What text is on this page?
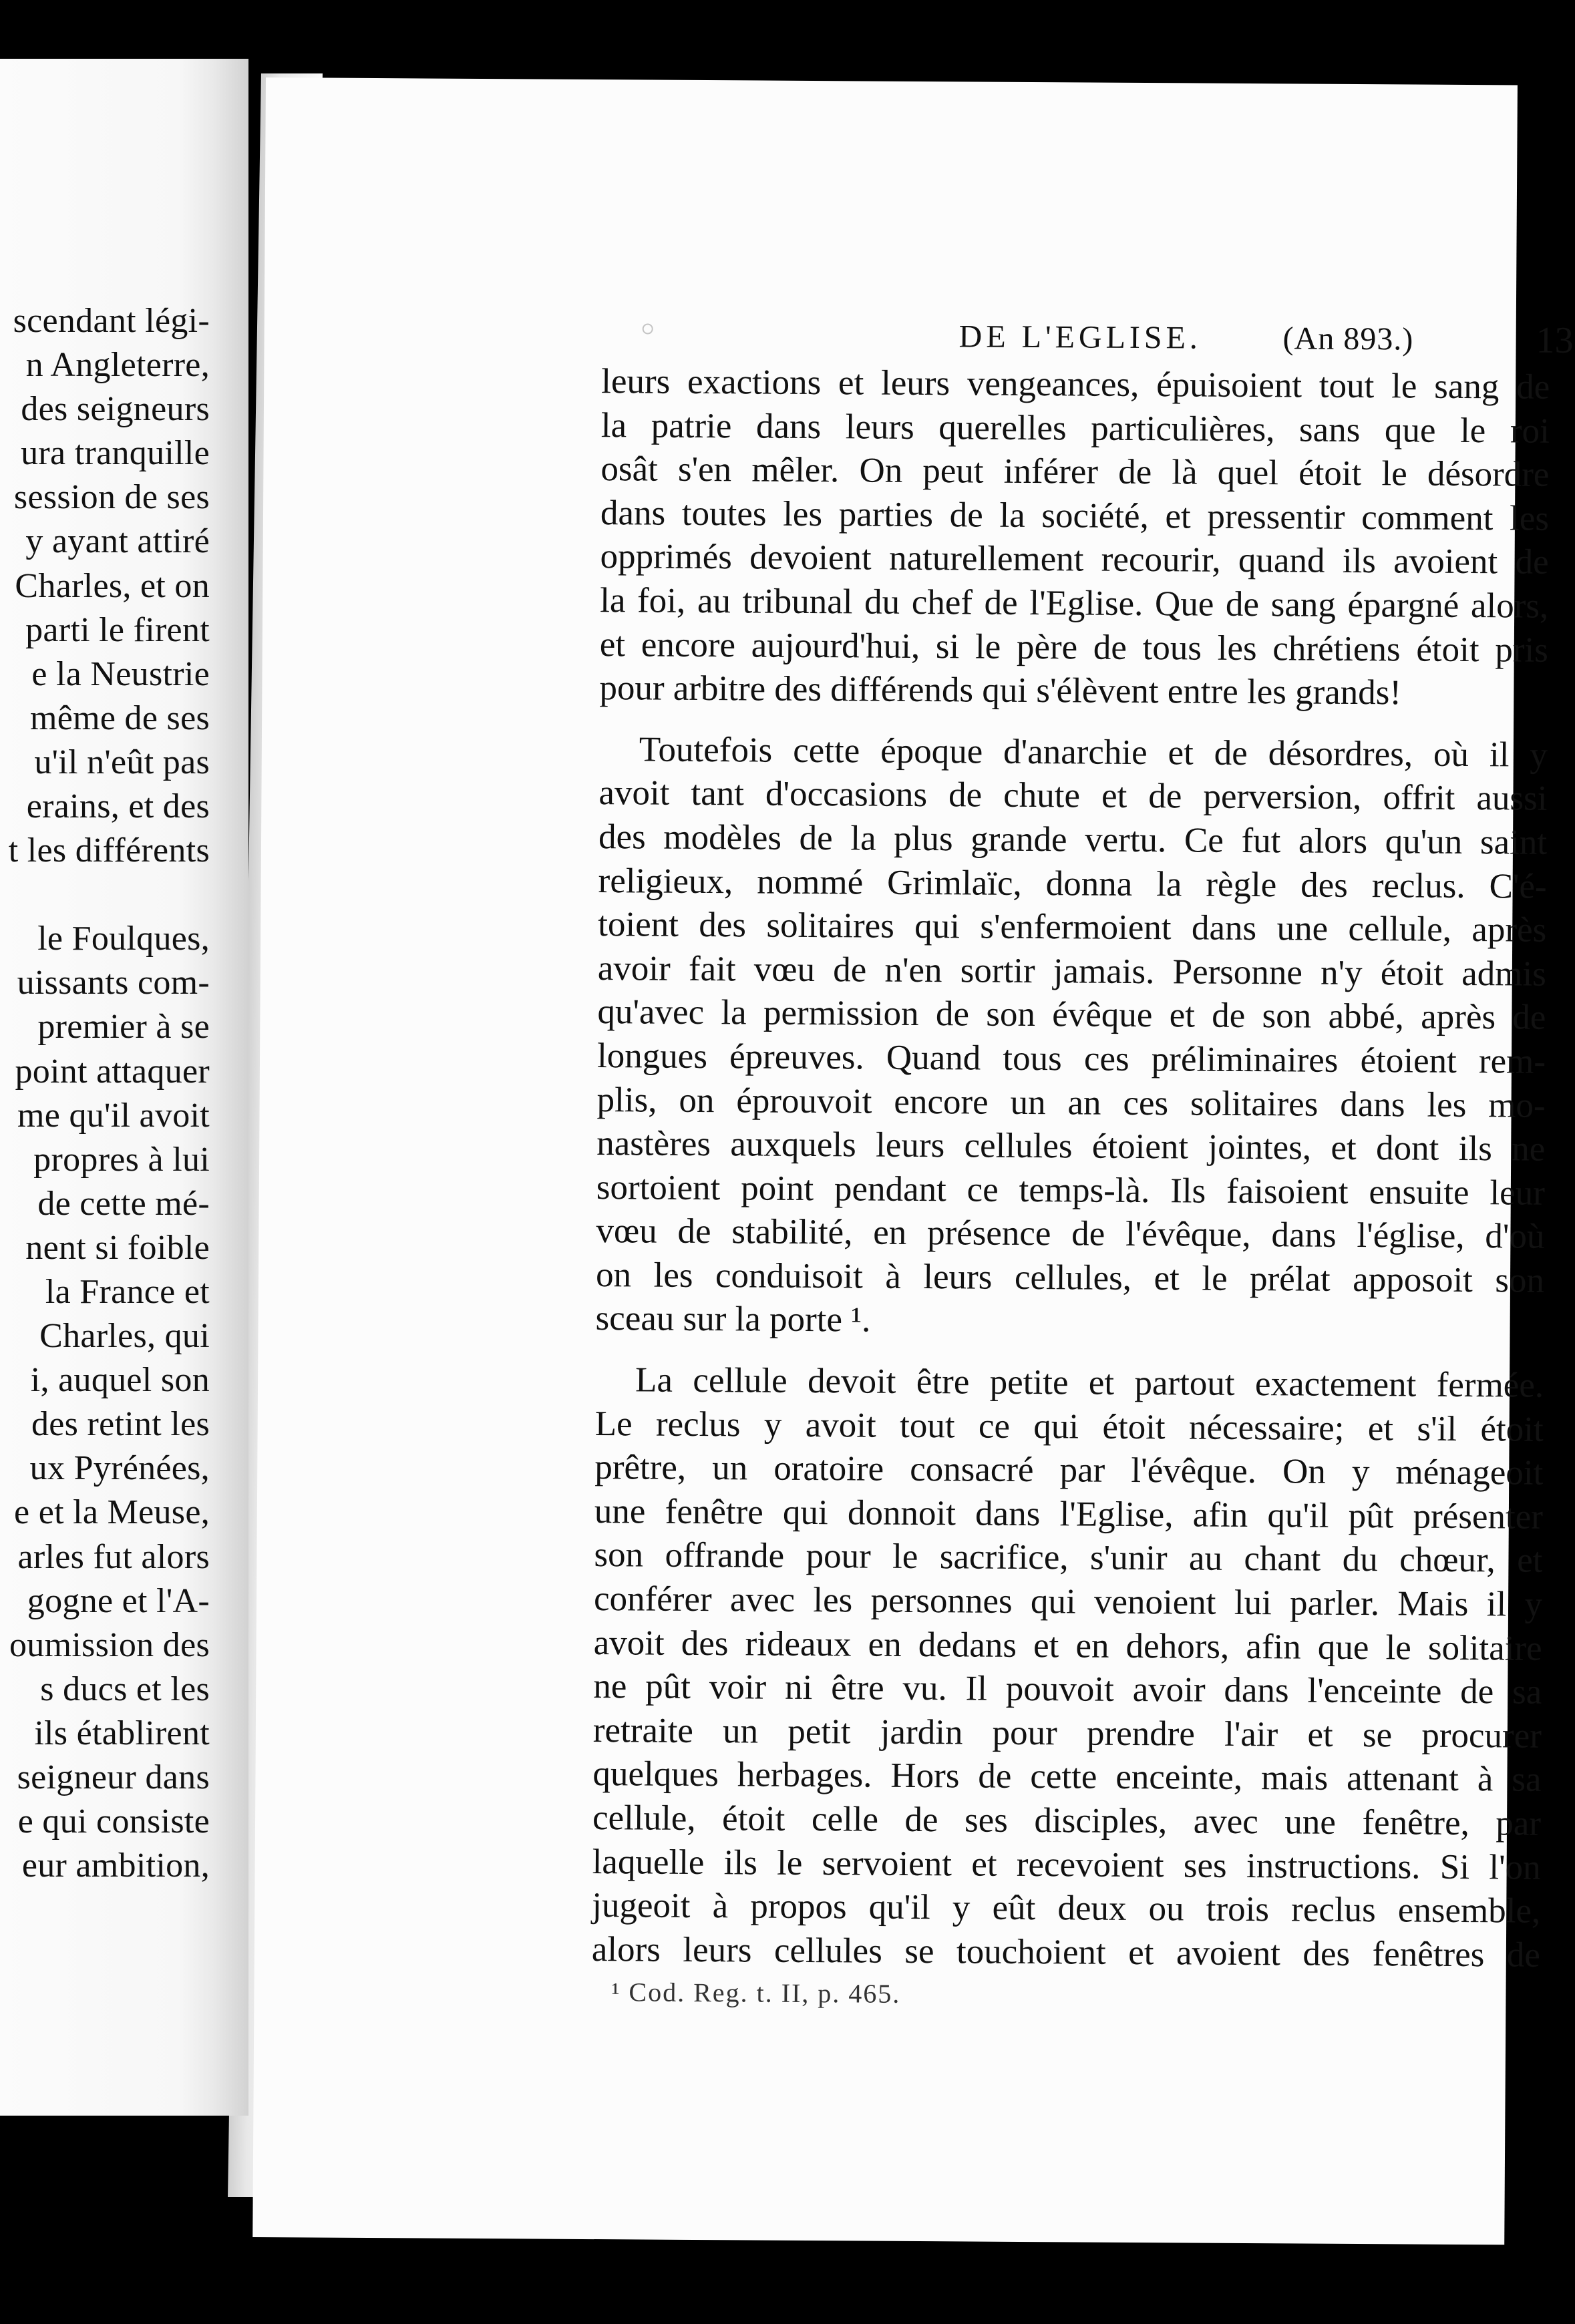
scendant légi-
n Angleterre,
des seigneurs
ura tranquille
session de ses
y ayant attiré
Charles, et on
parti le firent
e la Neustrie
même de ses
u'il n'eût pas
erains, et des
t les différents
le Foulques,
uissants com-
premier à se
point attaquer
me qu'il avoit
propres à lui
de cette mé-
nent si foible
la France et
Charles, qui
i, auquel son
des retint les
ux Pyrénées,
e et la Meuse,
arles fut alors
gogne et l'A-
oumission des
s ducs et les
ils établirent
seigneur dans
e qui consiste
eur ambition,
DE L'EGLISE.	(An 893.)	13
leurs exactions et leurs vengeances, épuisoient tout le sang de
la patrie dans leurs querelles particulières, sans que le roi
osât s'en mêler. On peut inférer de là quel étoit le désordre
dans toutes les parties de la société, et pressentir comment les
opprimés devoient naturellement recourir, quand ils avoient de
la foi, au tribunal du chef de l'Eglise. Que de sang épargné alors,
et encore aujourd'hui, si le père de tous les chrétiens étoit pris
pour arbitre des différends qui s'élèvent entre les grands!
Toutefois cette époque d'anarchie et de désordres, où il y
avoit tant d'occasions de chute et de perversion, offrit aussi
des modèles de la plus grande vertu. Ce fut alors qu'un saint
religieux, nommé Grimlaïc, donna la règle des reclus. C'é-
toient des solitaires qui s'enfermoient dans une cellule, après
avoir fait vœu de n'en sortir jamais. Personne n'y étoit admis
qu'avec la permission de son évêque et de son abbé, après de
longues épreuves. Quand tous ces préliminaires étoient rem-
plis, on éprouvoit encore un an ces solitaires dans les mo-
nastères auxquels leurs cellules étoient jointes, et dont ils ne
sortoient point pendant ce temps-là. Ils faisoient ensuite leur
vœu de stabilité, en présence de l'évêque, dans l'église, d'où
on les conduisoit à leurs cellules, et le prélat apposoit son
sceau sur la porte ¹.
La cellule devoit être petite et partout exactement fermée.
Le reclus y avoit tout ce qui étoit nécessaire; et s'il étoit
prêtre, un oratoire consacré par l'évêque. On y ménageoit
une fenêtre qui donnoit dans l'Eglise, afin qu'il pût présenter
son offrande pour le sacrifice, s'unir au chant du chœur, et
conférer avec les personnes qui venoient lui parler. Mais il y
avoit des rideaux en dedans et en dehors, afin que le solitaire
ne pût voir ni être vu. Il pouvoit avoir dans l'enceinte de sa
retraite un petit jardin pour prendre l'air et se procurer
quelques herbages. Hors de cette enceinte, mais attenant à sa
cellule, étoit celle de ses disciples, avec une fenêtre, par
laquelle ils le servoient et recevoient ses instructions. Si l'on
jugeoit à propos qu'il y eût deux ou trois reclus ensemble,
alors leurs cellules se touchoient et avoient des fenêtres de
¹ Cod. Reg. t. II, p. 465.
